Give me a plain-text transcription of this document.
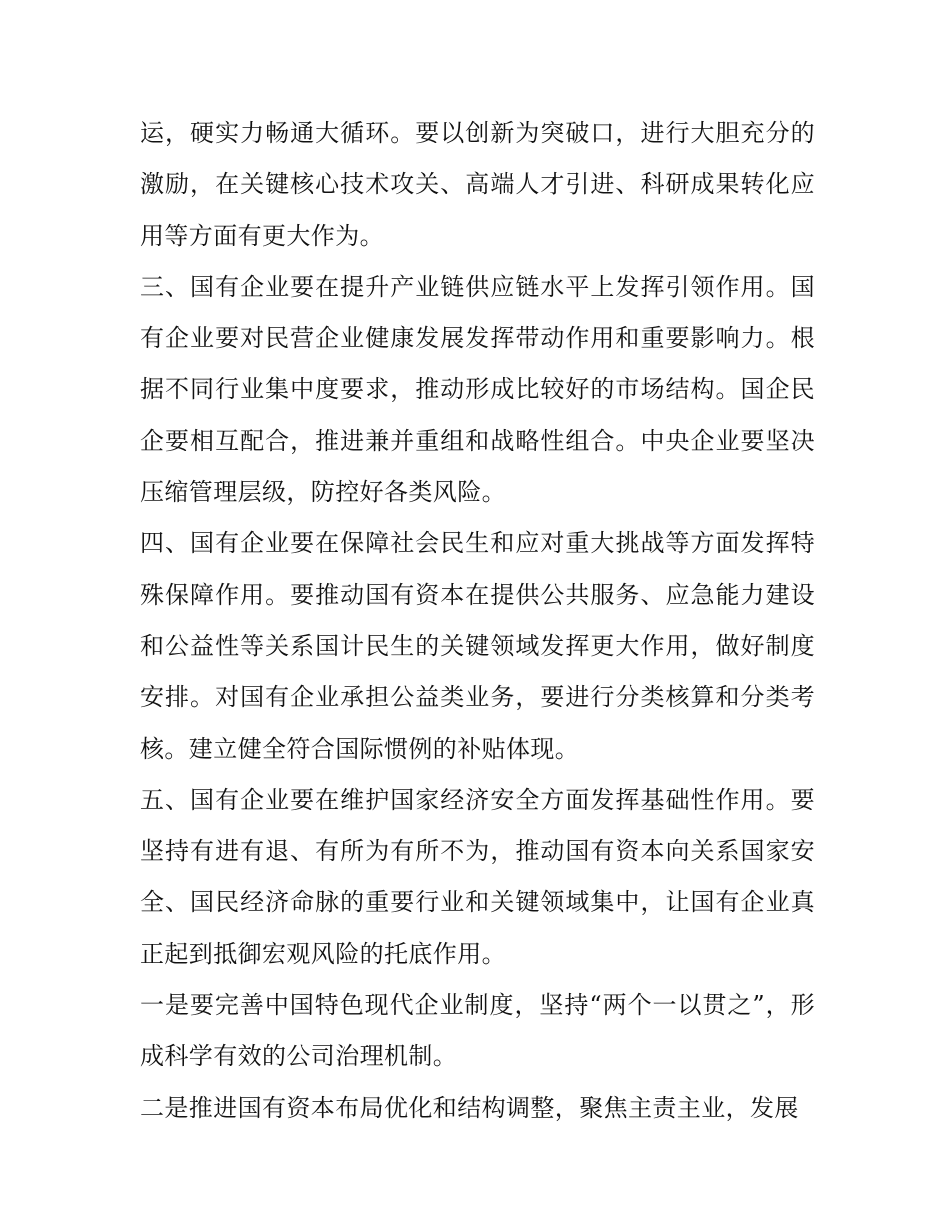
运，硬实力畅通大循环。要以创新为突破口，进行大胆充分的激励，在关键核心技术攻关、高端人才引进、科研成果转化应用等方面有更大作为。

三、国有企业要在提升产业链供应链水平上发挥引领作用。国有企业要对民营企业健康发展发挥带动作用和重要影响力。根据不同行业集中度要求，推动形成比较好的市场结构。国企民企要相互配合，推进兼并重组和战略性组合。中央企业要坚决压缩管理层级，防控好各类风险。

四、国有企业要在保障社会民生和应对重大挑战等方面发挥特殊保障作用。要推动国有资本在提供公共服务、应急能力建设和公益性等关系国计民生的关键领域发挥更大作用，做好制度安排。对国有企业承担公益类业务，要进行分类核算和分类考核。建立健全符合国际惯例的补贴体现。

五、国有企业要在维护国家经济安全方面发挥基础性作用。要坚持有进有退、有所为有所不为，推动国有资本向关系国家安全、国民经济命脉的重要行业和关键领域集中，让国有企业真正起到抵御宏观风险的托底作用。

一是要完善中国特色现代企业制度，坚持“两个一以贯之”，形成科学有效的公司治理机制。

二是推进国有资本布局优化和结构调整，聚焦主责主业，发展
